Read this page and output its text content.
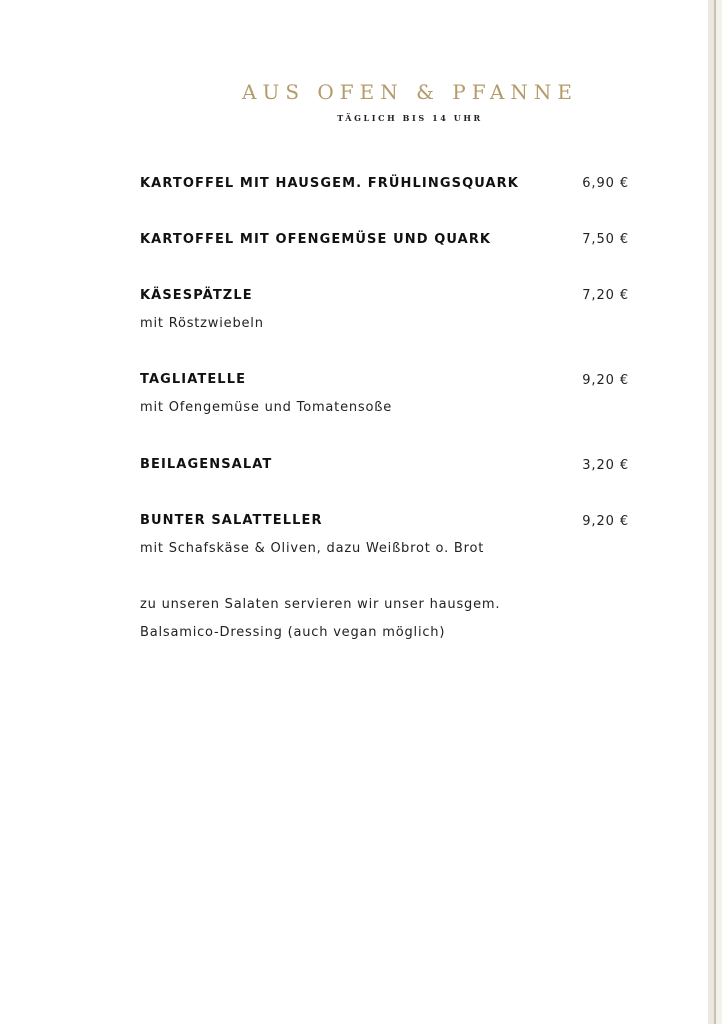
AUS OFEN & PFANNE
TÄGLICH BIS 14 UHR
KARTOFFEL MIT HAUSGEM. FRÜHLINGSQUARK	6,90 €
KARTOFFEL MIT OFENGEMÜSE UND QUARK	7,50 €
KÄSESPÄTZLE	7,20 €
mit Röstzwiebeln
TAGLIATELLE	9,20 €
mit Ofengemüse und Tomatensoße
BEILAGENSALAT	3,20 €
BUNTER SALATTELLER	9,20 €
mit Schafskäse & Oliven, dazu Weißbrot o. Brot
zu unseren Salaten servieren wir unser hausgem.
Balsamico-Dressing (auch vegan möglich)
